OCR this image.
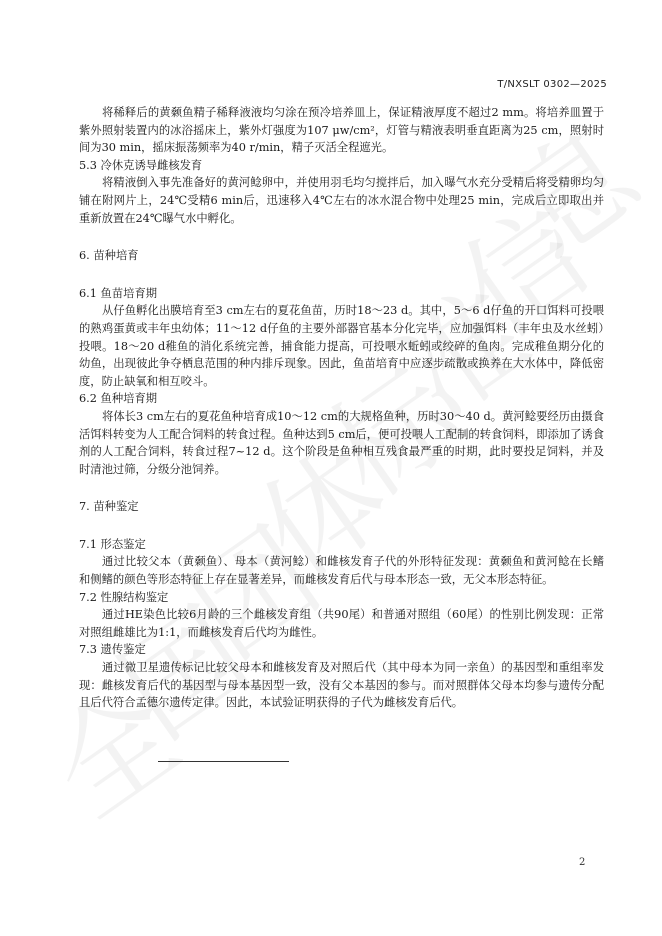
T/NXSLT 0302—2025

将稀释后的黄颡鱼精子稀释液液均匀涂在预冷培养皿上，保证精液厚度不超过2 mm。将培养皿置于紫外照射装置内的冰浴摇床上，紫外灯强度为107 μw/cm²，灯管与精液表明垂直距离为25 cm，照射时间为30 min，摇床振荡频率为40 r/min，精子灭活全程遮光。

5.3 冷休克诱导雌核发育

将精液倒入事先准备好的黄河鲶卵中，并使用羽毛均匀搅拌后，加入曝气水充分受精后将受精卵均匀铺在附网片上，24℃受精6 min后，迅速移入4℃左右的冰水混合物中处理25 min，完成后立即取出并重新放置在24℃曝气水中孵化。

6. 苗种培育

6.1 鱼苗培育期

从仔鱼孵化出膜培育至3 cm左右的夏花鱼苗，历时18～23 d。其中，5～6 d仔鱼的开口饵料可投喂的熟鸡蛋黄或丰年虫幼体；11～12 d仔鱼的主要外部器官基本分化完毕，应加强饵料（丰年虫及水丝蚓）投喂。18～20 d稚鱼的消化系统完善，捕食能力提高，可投喂水蚯蚓或绞碎的鱼肉。完成稚鱼期分化的幼鱼，出现彼此争夺栖息范围的种内排斥现象。因此，鱼苗培育中应逐步疏散或换养在大水体中，降低密度，防止缺氧和相互咬斗。

6.2 鱼种培育期

将体长3 cm左右的夏花鱼种培育成10～12 cm的大规格鱼种，历时30～40 d。黄河鲶要经历由摄食活饵料转变为人工配合饲料的转食过程。鱼种达到5 cm后，便可投喂人工配制的转食饲料，即添加了诱食剂的人工配合饲料，转食过程7~12 d。这个阶段是鱼种相互残食最严重的时期，此时要投足饲料，并及时清池过筛，分级分池饲养。

7. 苗种鉴定

7.1 形态鉴定

通过比较父本（黄颡鱼）、母本（黄河鲶）和雌核发育子代的外形特征发现：黄颡鱼和黄河鲶在长鳍和侧鳍的颜色等形态特征上存在显著差异，而雌核发育后代与母本形态一致，无父本形态特征。

7.2 性腺结构鉴定

通过HE染色比较6月龄的三个雌核发育组（共90尾）和普通对照组（60尾）的性别比例发现：正常对照组雌雄比为1:1，而雌核发育后代均为雌性。

7.3 遗传鉴定

通过微卫星遗传标记比较父母本和雌核发育及对照后代（其中母本为同一亲鱼）的基因型和重组率发现：雌核发育后代的基因型与母本基因型一致，没有父本基因的参与。而对照群体父母本均参与遗传分配且后代符合孟德尔遗传定律。因此，本试验证明获得的子代为雌核发育后代。

2
